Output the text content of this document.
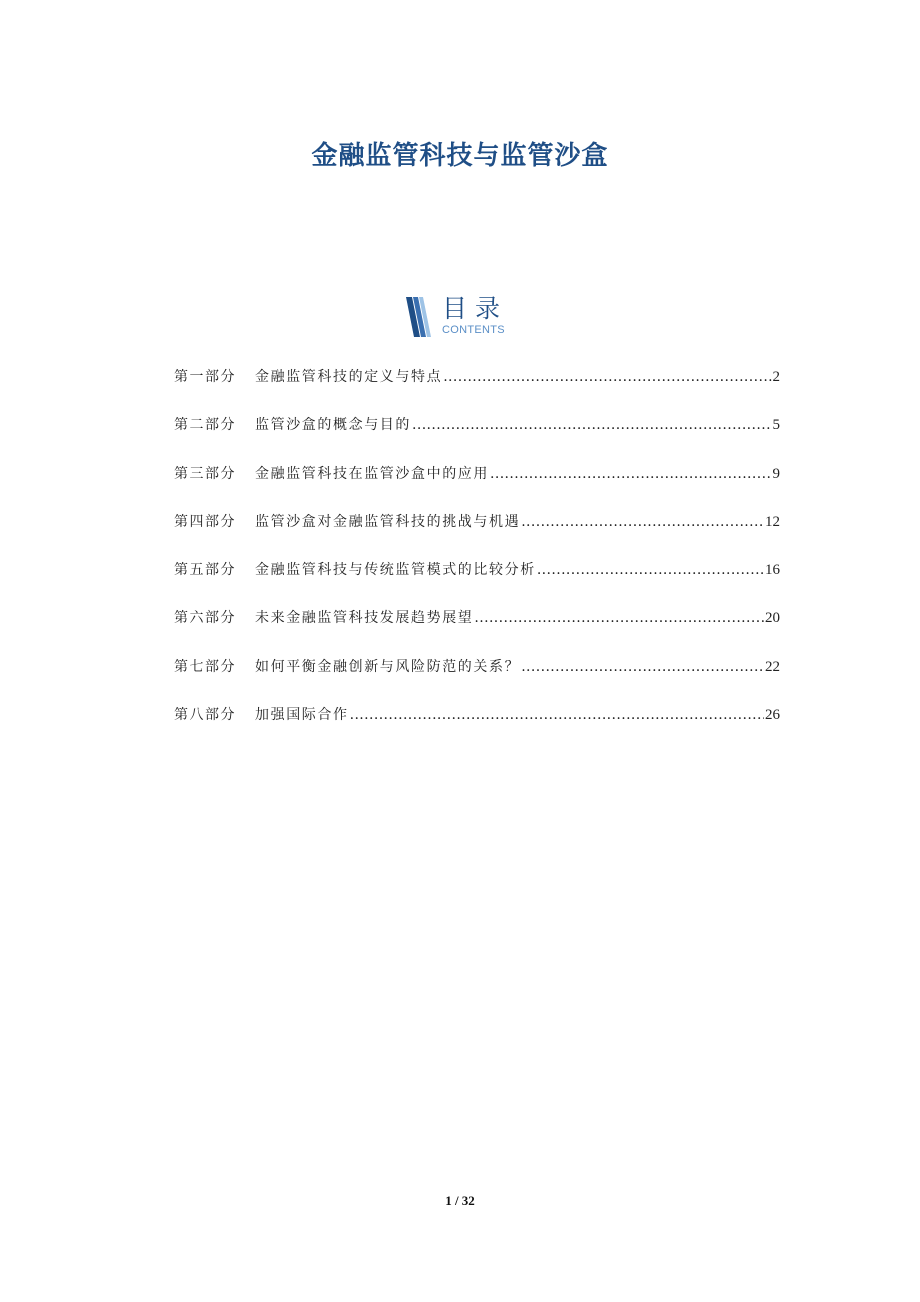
金融监管科技与监管沙盒
目录
CONTENTS
第一部分	金融监管科技的定义与特点 .....	2
第二部分	监管沙盒的概念与目的 .....	5
第三部分	金融监管科技在监管沙盒中的应用 .....	9
第四部分	监管沙盒对金融监管科技的挑战与机遇 .....	12
第五部分	金融监管科技与传统监管模式的比较分析 .....	16
第六部分	未来金融监管科技发展趋势展望 .....	20
第七部分	如何平衡金融创新与风险防范的关系？ .....	22
第八部分	加强国际合作 .....	26
1 / 32
